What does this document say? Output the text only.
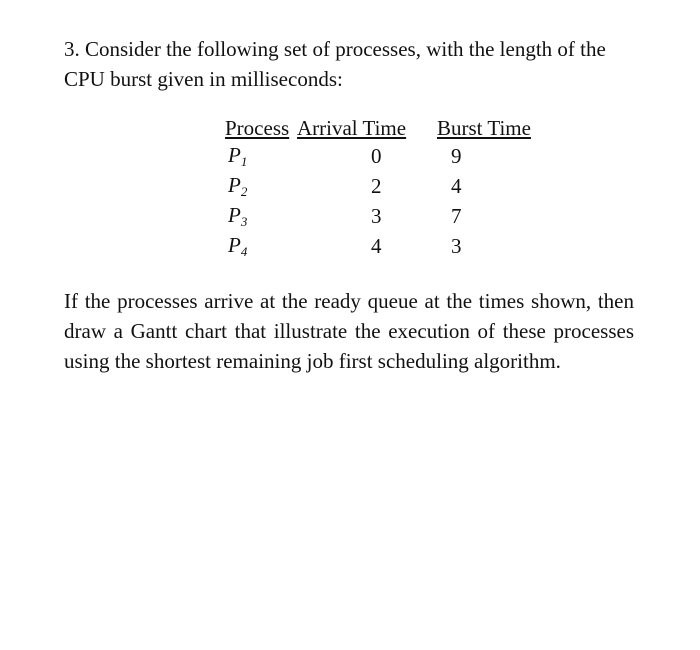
3. Consider the following set of processes, with the length of the CPU burst given in milliseconds:

Process	Arrival Time	Burst Time
$P_1$	0	9
$P_2$	2	4
$P_3$	3	7
$P_4$	4	3

If the processes arrive at the ready queue at the times shown, then draw a Gantt chart that illustrate the execution of these processes using the shortest remaining job first scheduling algorithm.
